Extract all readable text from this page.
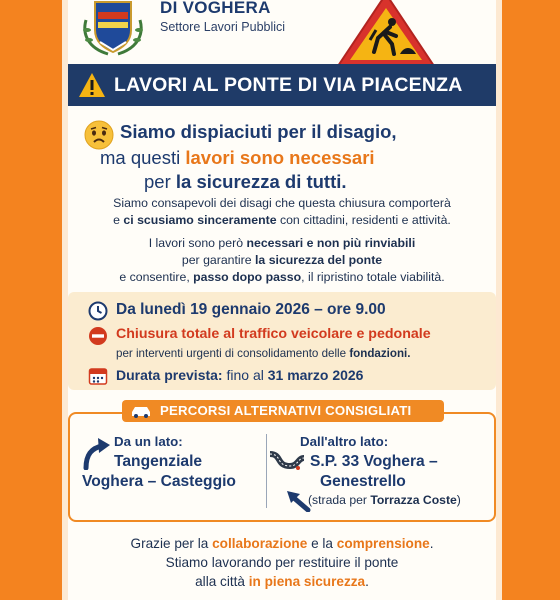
DI VOGHERA
Settore Lavori Pubblici
LAVORI AL PONTE DI VIA PIACENZA
Siamo dispiaciuti per il disagio,
ma questi lavori sono necessari
per la sicurezza di tutti.
Siamo consapevoli dei disagi che questa chiusura comporterà
e ci scusiamo sinceramente con cittadini, residenti e attività.
I lavori sono però necessari e non più rinviabili
per garantire la sicurezza del ponte
e consentire, passo dopo passo, il ripristino totale viabilità.
Da lunedì 19 gennaio 2026 – ore 9.00
Chiusura totale al traffico veicolare e pedonale
per interventi urgenti di consolidamento delle fondazioni.
Durata prevista: fino al 31 marzo 2026
PERCORSI ALTERNATIVI CONSIGLIATI
Da un lato:
Tangenziale
Voghera – Casteggio
Dall'altro lato:
S.P. 33 Voghera –
Genestrello
(strada per Torrazza Coste)
Grazie per la collaborazione e la comprensione.
Stiamo lavorando per restituire il ponte
alla città in piena sicurezza.
